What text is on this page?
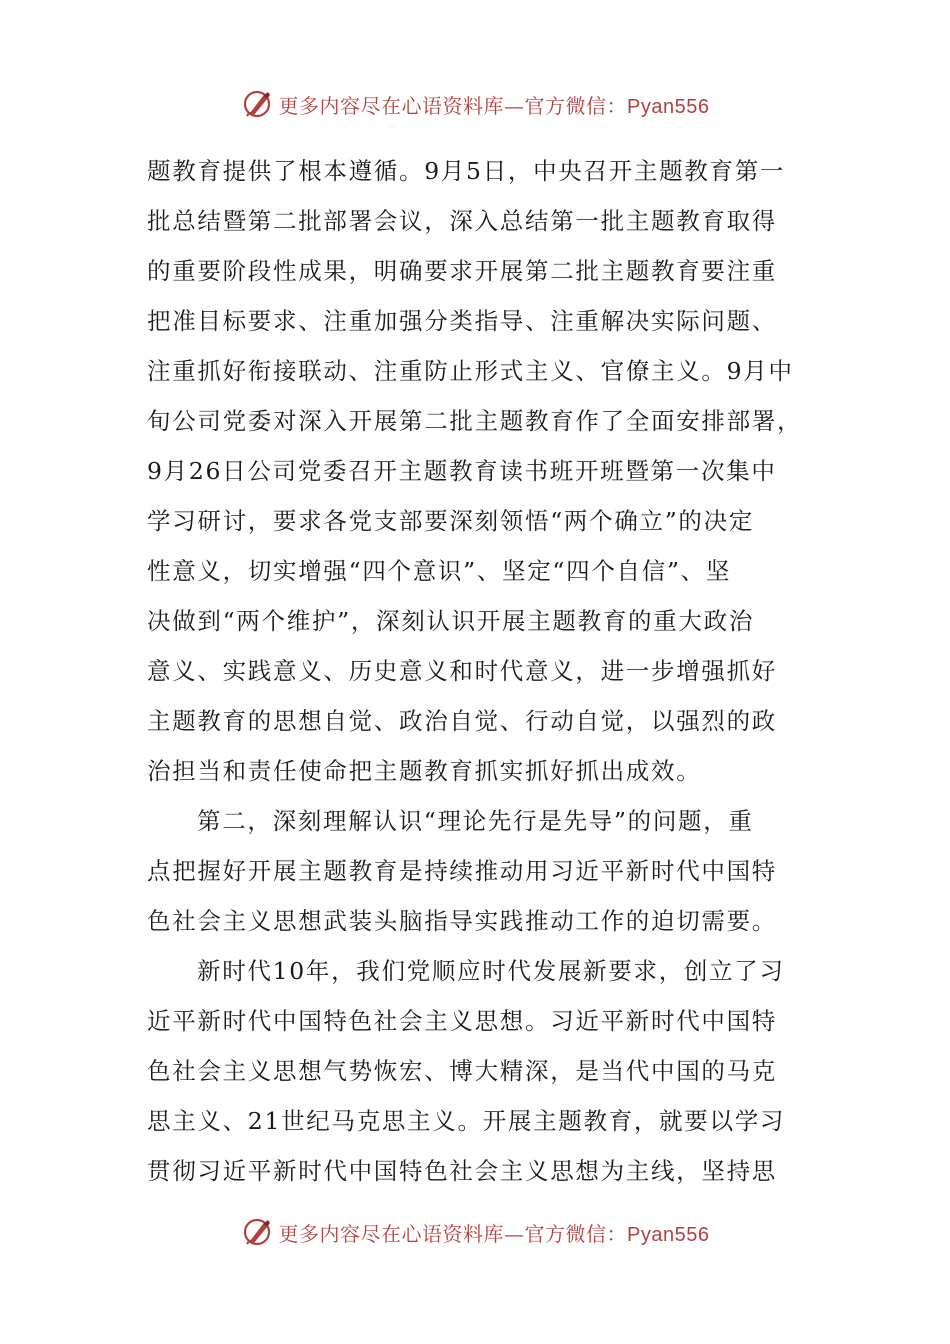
更多内容尽在心语资料库—官方微信：Pyan556
题教育提供了根本遵循。9月5日，中央召开主题教育第一
批总结暨第二批部署会议，深入总结第一批主题教育取得
的重要阶段性成果，明确要求开展第二批主题教育要注重
把准目标要求、注重加强分类指导、注重解决实际问题、
注重抓好衔接联动、注重防止形式主义、官僚主义。9月中
旬公司党委对深入开展第二批主题教育作了全面安排部署，
9月26日公司党委召开主题教育读书班开班暨第一次集中
学习研讨，要求各党支部要深刻领悟“两个确立”的决定
性意义，切实增强“四个意识”、坚定“四个自信”、坚
决做到“两个维护”，深刻认识开展主题教育的重大政治
意义、实践意义、历史意义和时代意义，进一步增强抓好
主题教育的思想自觉、政治自觉、行动自觉，以强烈的政
治担当和责任使命把主题教育抓实抓好抓出成效。
第二，深刻理解认识“理论先行是先导”的问题，重
点把握好开展主题教育是持续推动用习近平新时代中国特
色社会主义思想武装头脑指导实践推动工作的迫切需要。
新时代10年，我们党顺应时代发展新要求，创立了习
近平新时代中国特色社会主义思想。习近平新时代中国特
色社会主义思想气势恢宏、博大精深，是当代中国的马克
思主义、21世纪马克思主义。开展主题教育，就要以学习
贯彻习近平新时代中国特色社会主义思想为主线，坚持思
更多内容尽在心语资料库—官方微信：Pyan556
